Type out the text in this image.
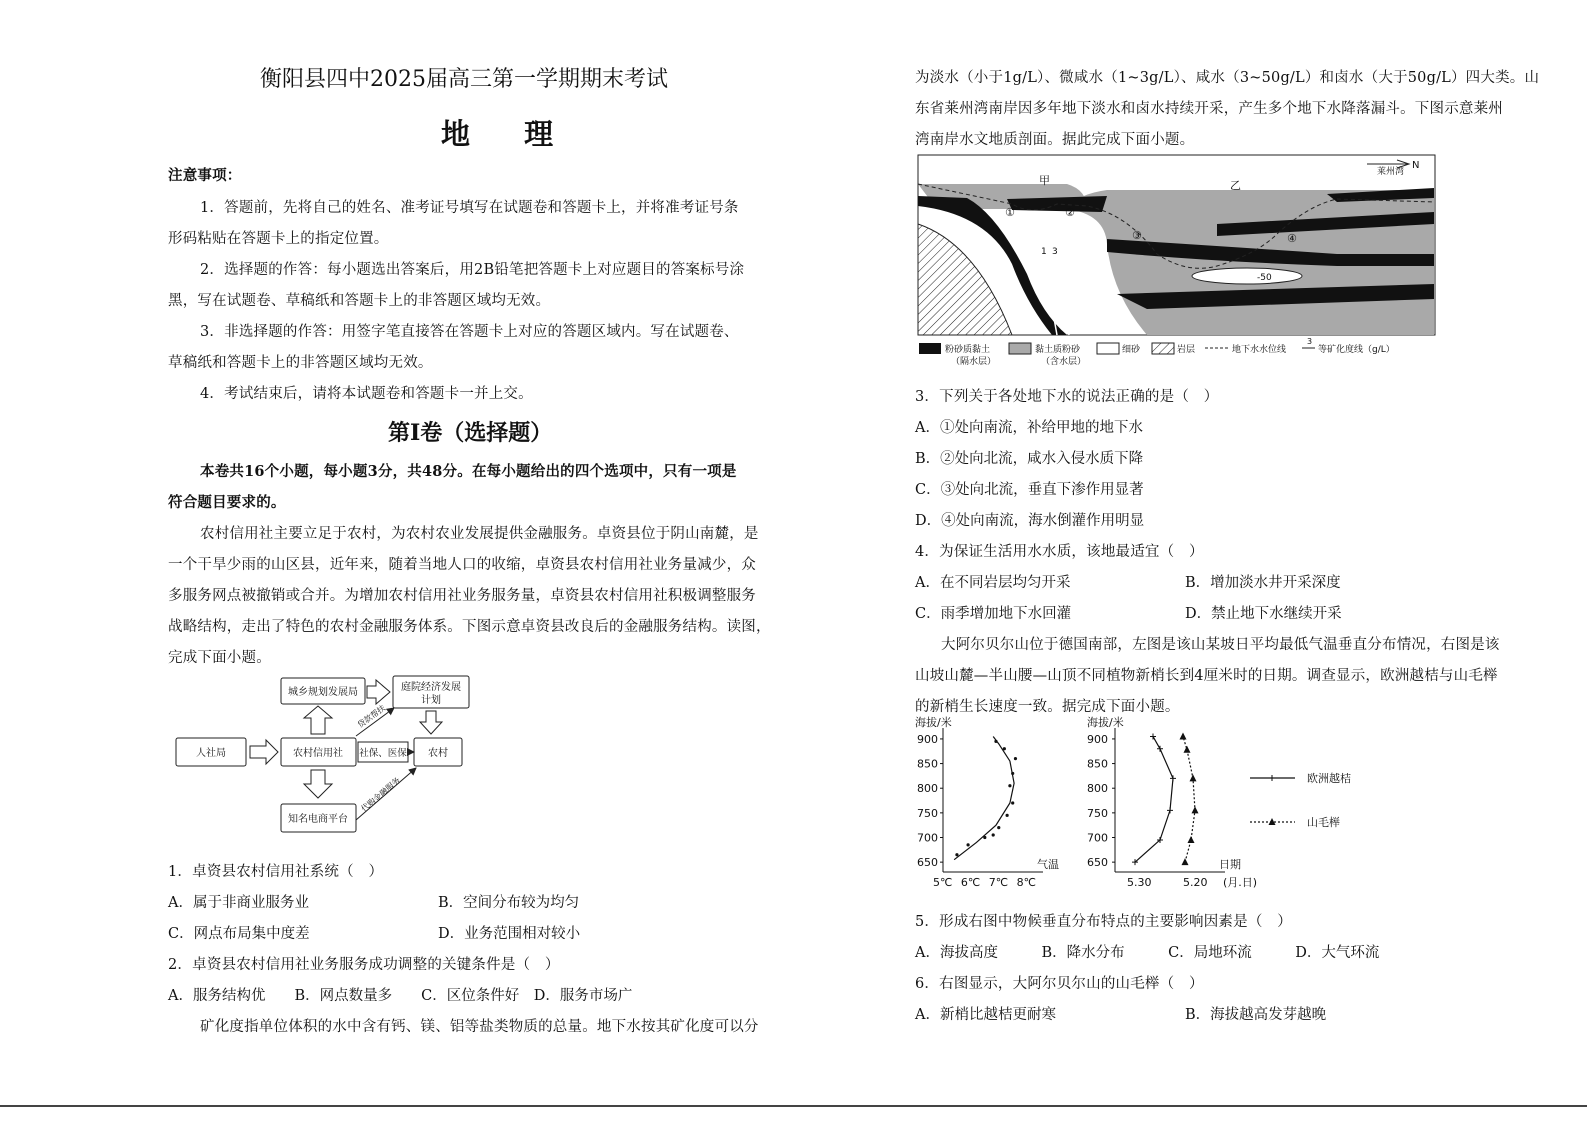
衡阳县四中2025届高三第一学期期末考试
地 理
注意事项：
1．答题前，先将自己的姓名、准考证号填写在试题卷和答题卡上，并将准考证号条
形码粘贴在答题卡上的指定位置。
2．选择题的作答：每小题选出答案后，用2B铅笔把答题卡上对应题目的答案标号涂
黑，写在试题卷、草稿纸和答题卡上的非答题区域均无效。
3．非选择题的作答：用签字笔直接答在答题卡上对应的答题区域内。写在试题卷、
草稿纸和答题卡上的非答题区域均无效。
4．考试结束后，请将本试题卷和答题卡一并上交。
第Ⅰ卷（选择题）
本卷共16个小题，每小题3分，共48分。在每小题给出的四个选项中，只有一项是
符合题目要求的。
农村信用社主要立足于农村，为农村农业发展提供金融服务。卓资县位于阴山南麓，是
一个干旱少雨的山区县，近年来，随着当地人口的收缩，卓资县农村信用社业务量减少，众
多服务网点被撤销或合并。为增加农村信用社业务服务量，卓资县农村信用社积极调整服务
战略结构，走出了特色的农村金融服务体系。下图示意卓资县改良后的金融服务结构。读图，
完成下面小题。
城乡规划发展局	庭院经济发展
计划
人社局	农村信用社	农村
知名电商平台
社保、医保
贷款帮扶
代购金融服务
1．卓资县农村信用社系统（　）
A．属于非商业服务业	B．空间分布较为均匀
C．网点布局集中度差	D．业务范围相对较小
2．卓资县农村信用社业务服务成功调整的关键条件是（　）
A．服务结构优　　B．网点数量多　　C．区位条件好　D．服务市场广
矿化度指单位体积的水中含有钙、镁、铝等盐类物质的总量。地下水按其矿化度可以分
为淡水（小于1g/L）、微咸水（1~3g/L）、咸水（3~50g/L）和卤水（大于50g/L）四大类。山
东省莱州湾南岸因多年地下淡水和卤水持续开采，产生多个地下水降落漏斗。下图示意莱州
湾南岸水文地质剖面。据此完成下面小题。
甲	乙
①	②
③	④
1 3
-50
莱州湾
N
粉砂质黏土
（隔水层）
黏土质粉砂
（含水层）
细砂	岩层	地下水水位线
3
等矿化度线（g/L）
3．下列关于各处地下水的说法正确的是（　）
A．①处向南流，补给甲地的地下水
B．②处向北流，咸水入侵水质下降
C．③处向北流，垂直下渗作用显著
D．④处向南流，海水倒灌作用明显
4．为保证生活用水水质，该地最适宜（　）
A．在不同岩层均匀开采	B．增加淡水井开采深度
C．雨季增加地下水回灌	D．禁止地下水继续开采
大阿尔贝尔山位于德国南部，左图是该山某坡日平均最低气温垂直分布情况，右图是该
山坡山麓—半山腰—山顶不同植物新梢长到4厘米时的日期。调查显示，欧洲越桔与山毛榉
的新梢生长速度一致。据完成下面小题。
海拔/米
气温
650
700
750
800
850
900
5℃ 6℃ 7℃ 8℃
海拔/米
日期
(月.日)
650
700
750
800
850
900
5.30	5.20
欧洲越桔
山毛榉
5．形成右图中物候垂直分布特点的主要影响因素是（　）
A．海拔高度　　　B．降水分布　　　C．局地环流　　　D．大气环流
6．右图显示，大阿尔贝尔山的山毛榉（　）
A．新梢比越桔更耐寒	B．海拔越高发芽越晚
